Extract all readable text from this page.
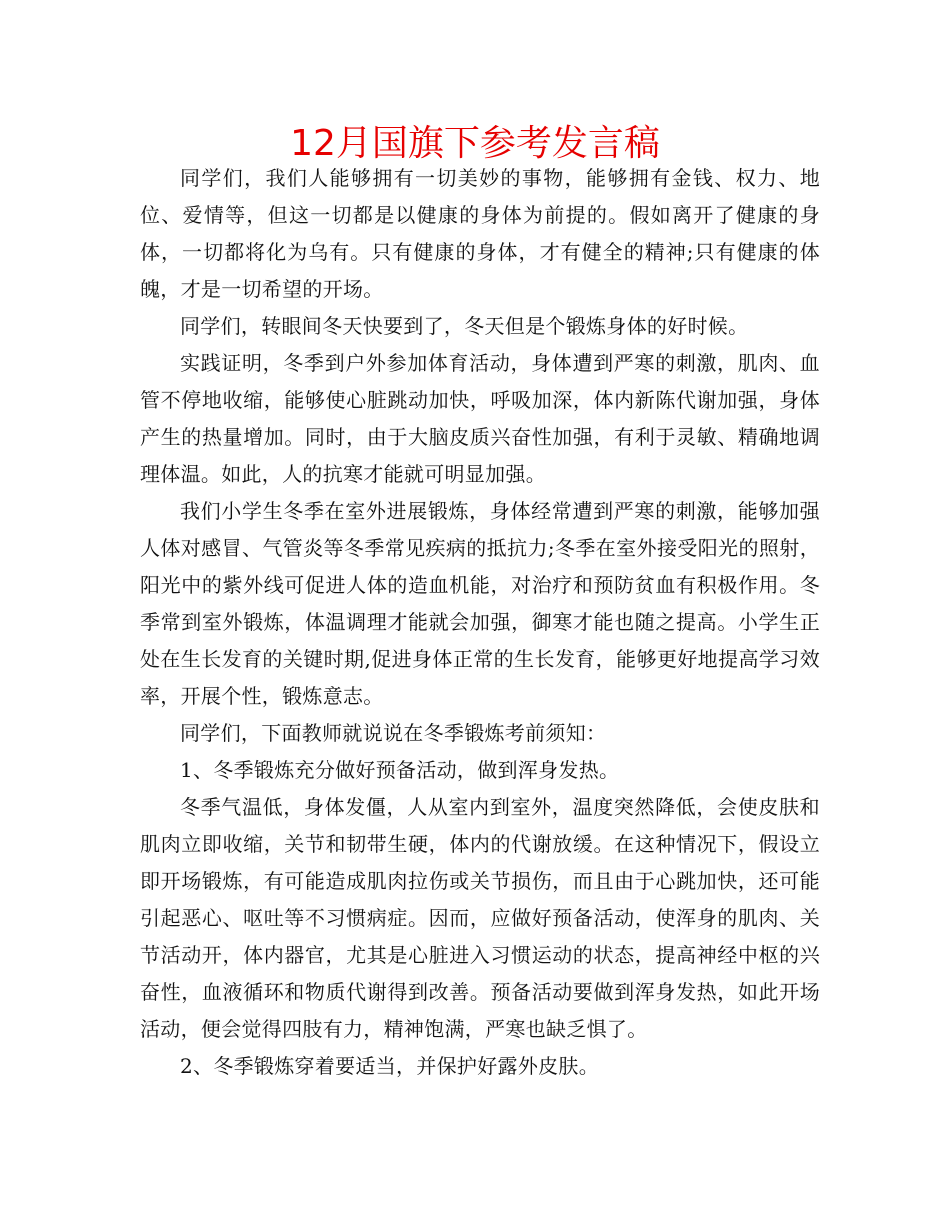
12月国旗下参考发言稿

同学们，我们人能够拥有一切美妙的事物，能够拥有金钱、权力、地位、爱情等，但这一切都是以健康的身体为前提的。假如离开了健康的身体，一切都将化为乌有。只有健康的身体，才有健全的精神;只有健康的体魄，才是一切希望的开场。

同学们，转眼间冬天快要到了，冬天但是个锻炼身体的好时候。

实践证明，冬季到户外参加体育活动，身体遭到严寒的刺激，肌肉、血管不停地收缩，能够使心脏跳动加快，呼吸加深，体内新陈代谢加强，身体产生的热量增加。同时，由于大脑皮质兴奋性加强，有利于灵敏、精确地调理体温。如此，人的抗寒才能就可明显加强。

我们小学生冬季在室外进展锻炼，身体经常遭到严寒的刺激，能够加强人体对感冒、气管炎等冬季常见疾病的抵抗力;冬季在室外接受阳光的照射，阳光中的紫外线可促进人体的造血机能，对治疗和预防贫血有积极作用。冬季常到室外锻炼，体温调理才能就会加强，御寒才能也随之提高。小学生正处在生长发育的关键时期,促进身体正常的生长发育，能够更好地提高学习效率，开展个性，锻炼意志。

同学们，下面教师就说说在冬季锻炼考前须知：

1、冬季锻炼充分做好预备活动，做到浑身发热。

冬季气温低，身体发僵，人从室内到室外，温度突然降低，会使皮肤和肌肉立即收缩，关节和韧带生硬，体内的代谢放缓。在这种情况下，假设立即开场锻炼，有可能造成肌肉拉伤或关节损伤，而且由于心跳加快，还可能引起恶心、呕吐等不习惯病症。因而，应做好预备活动，使浑身的肌肉、关节活动开，体内器官，尤其是心脏进入习惯运动的状态，提高神经中枢的兴奋性，血液循环和物质代谢得到改善。预备活动要做到浑身发热，如此开场活动，便会觉得四肢有力，精神饱满，严寒也缺乏惧了。

2、冬季锻炼穿着要适当，并保护好露外皮肤。
